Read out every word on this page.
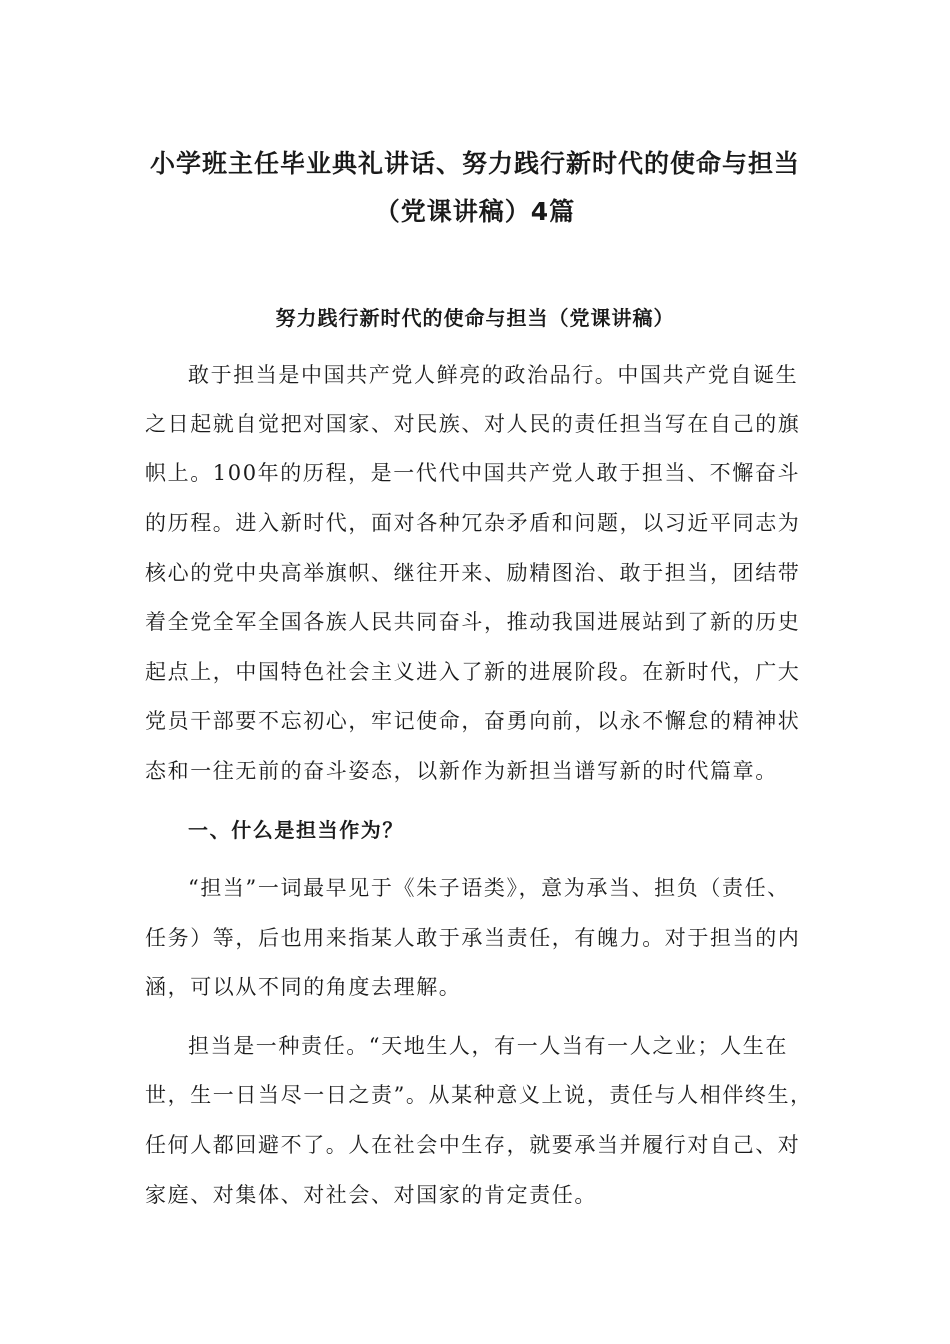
小学班主任毕业典礼讲话、努力践行新时代的使命与担当
（党课讲稿）4篇
努力践行新时代的使命与担当（党课讲稿）
敢于担当是中国共产党人鲜亮的政治品行。中国共产党自诞生
之日起就自觉把对国家、对民族、对人民的责任担当写在自己的旗
帜上。100年的历程，是一代代中国共产党人敢于担当、不懈奋斗
的历程。进入新时代，面对各种冗杂矛盾和问题，以习近平同志为
核心的党中央高举旗帜、继往开来、励精图治、敢于担当，团结带
着全党全军全国各族人民共同奋斗，推动我国进展站到了新的历史
起点上，中国特色社会主义进入了新的进展阶段。在新时代，广大
党员干部要不忘初心，牢记使命，奋勇向前，以永不懈怠的精神状
态和一往无前的奋斗姿态，以新作为新担当谱写新的时代篇章。
一、什么是担当作为？
“担当”一词最早见于《朱子语类》，意为承当、担负（责任、
任务）等，后也用来指某人敢于承当责任，有魄力。对于担当的内
涵，可以从不同的角度去理解。
担当是一种责任。“天地生人，有一人当有一人之业；人生在
世，生一日当尽一日之责”。从某种意义上说，责任与人相伴终生，
任何人都回避不了。人在社会中生存，就要承当并履行对自己、对
家庭、对集体、对社会、对国家的肯定责任。
